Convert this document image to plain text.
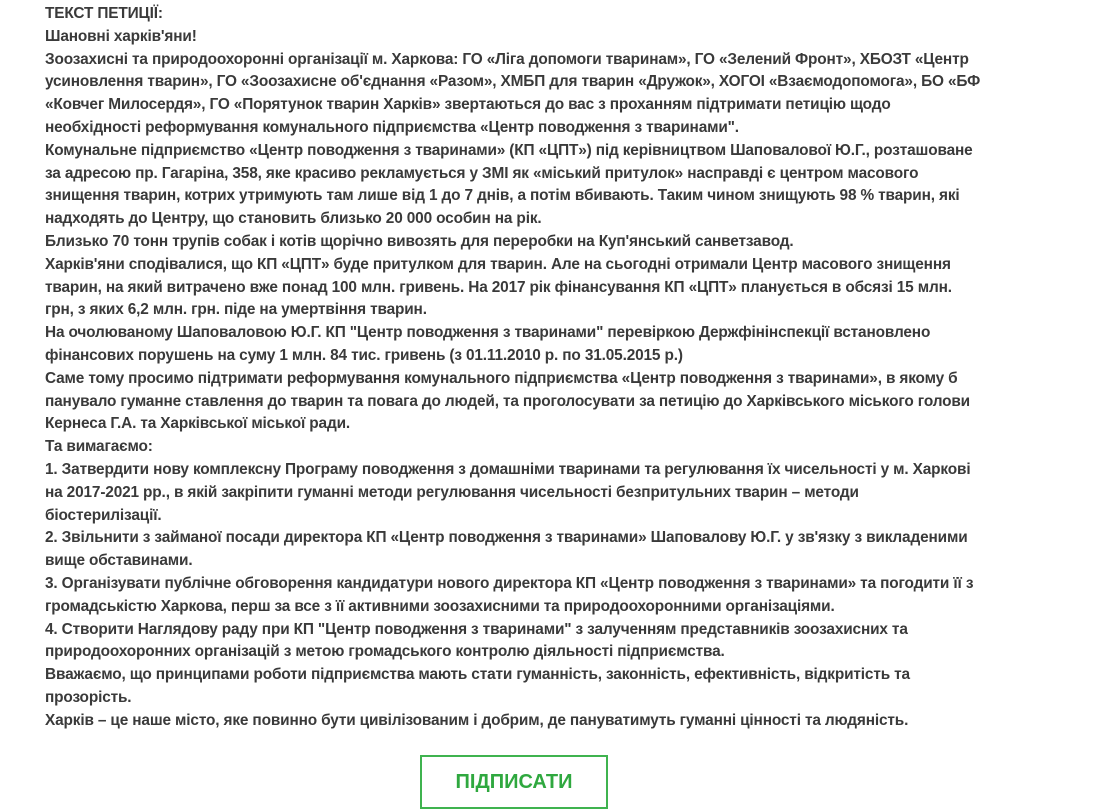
ТЕКСТ ПЕТИЦІЇ:
Шановні харків'яни!
Зоозахисні та природоохоронні організації м. Харкова: ГО «Ліга допомоги тваринам», ГО «Зелений Фронт», ХБОЗТ «Центр
усиновлення тварин», ГО «Зоозахисне об'єднання «Разом», ХМБП для тварин «Дружок», ХОГОІ «Взаємодопомога», БО «БФ
«Ковчег Милосердя», ГО «Порятунок тварин Харків» звертаються до вас з проханням підтримати петицію щодо
необхідності реформування комунального підприємства «Центр поводження з тваринами".
Комунальне підприємство «Центр поводження з тваринами» (КП «ЦПТ») під керівництвом Шаповалової Ю.Г., розташоване
за адресою пр. Гагаріна, 358, яке красиво рекламується у ЗМІ як «міський притулок» насправді є центром масового
знищення тварин, котрих утримують там лише від 1 до 7 днів, а потім вбивають. Таким чином знищують 98 % тварин, які
надходять до Центру, що становить близько 20 000 особин на рік.
Близько 70 тонн трупів собак і котів щорічно вивозять для переробки на Куп'янський санветзавод.
Харків'яни сподівалися, що КП «ЦПТ» буде притулком для тварин. Але на сьогодні отримали Центр масового знищення
тварин, на який витрачено вже понад 100 млн. гривень. На 2017 рік фінансування КП «ЦПТ» планується в обсязі 15 млн.
грн, з яких 6,2 млн. грн. піде на умертвіння тварин.
На очолюваному Шаповаловою Ю.Г. КП "Центр поводження з тваринами" перевіркою Держфінінспекції встановлено
фінансових порушень на суму 1 млн. 84 тис. гривень (з 01.11.2010 р. по 31.05.2015 р.)
Саме тому просимо підтримати реформування комунального підприємства «Центр поводження з тваринами», в якому б
панувало гуманне ставлення до тварин та повага до людей, та проголосувати за петицію до Харківського міського голови
Кернеса Г.А. та Харківської міської ради.
Та вимагаємо:
1. Затвердити нову комплексну Програму поводження з домашніми тваринами та регулювання їх чисельності у м. Харкові
на 2017-2021 рр., в якій закріпити гуманні методи регулювання чисельності безпритульних тварин – методи
біостерилізації.
2. Звільнити з займаної посади директора КП «Центр поводження з тваринами» Шаповалову Ю.Г. у зв'язку з викладеними
вище обставинами.
3. Організувати публічне обговорення кандидатури нового директора КП «Центр поводження з тваринами» та погодити її з
громадськістю Харкова, перш за все з її активними зоозахисними та природоохоронними організаціями.
4. Створити Наглядову раду при КП "Центр поводження з тваринами" з залученням представників зоозахисних та
природоохоронних організацій з метою громадського контролю діяльності підприємства.
Вважаємо, що принципами роботи підприємства мають стати гуманність, законність, ефективність, відкритість та
прозорість.
Харків – це наше місто, яке повинно бути цивілізованим і добрим, де пануватимуть гуманні цінності та людяність.
ПІДПИСАТИ
